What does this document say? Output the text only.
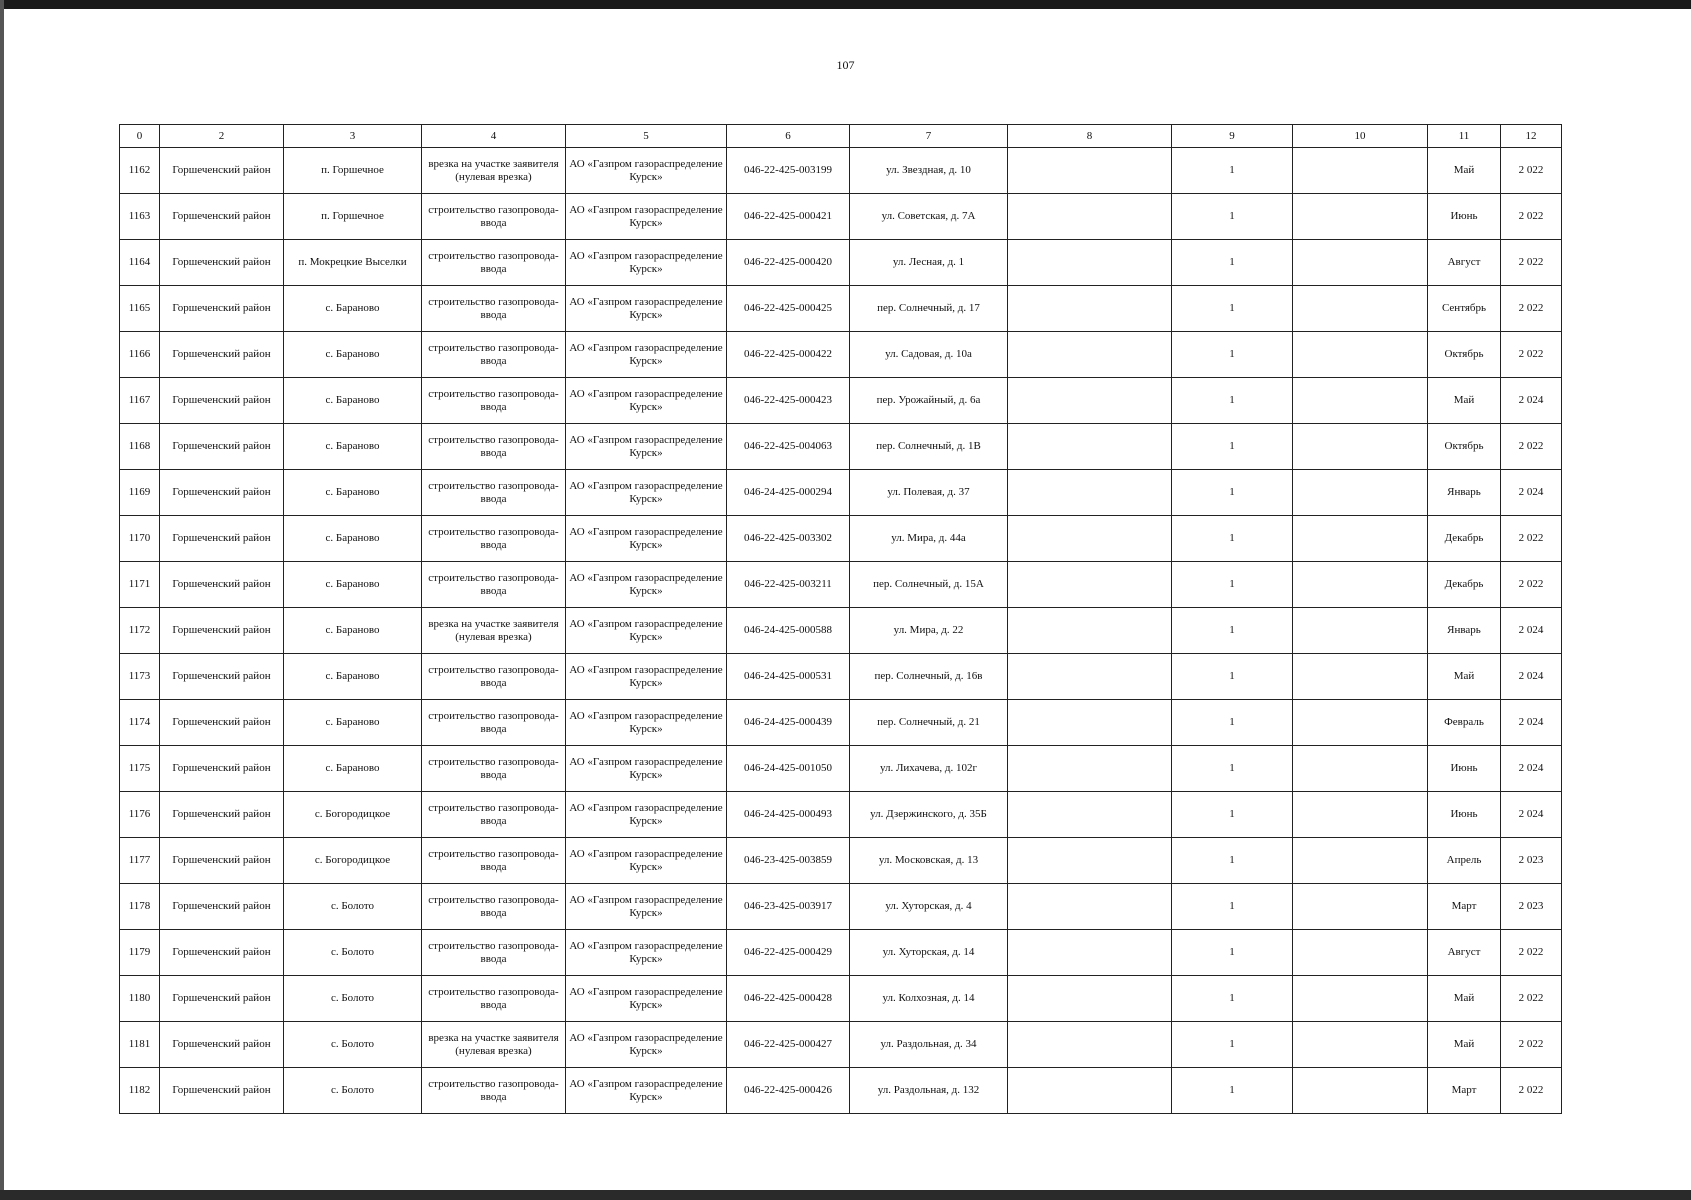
107
0	2	3	4	5	6	7	8	9	10	11	12
1162	Горшеченский район	п. Горшечное	врезка на участке заявителя (нулевая врезка)	АО «Газпром газораспределение Курск»	046-22-425-003199	ул. Звездная, д. 10		1		Май	2 022
1163	Горшеченский район	п. Горшечное	строительство газопровода-ввода	АО «Газпром газораспределение Курск»	046-22-425-000421	ул. Советская, д. 7А		1		Июнь	2 022
1164	Горшеченский район	п. Мокрецкие Выселки	строительство газопровода-ввода	АО «Газпром газораспределение Курск»	046-22-425-000420	ул. Лесная, д. 1		1		Август	2 022
1165	Горшеченский район	с. Бараново	строительство газопровода-ввода	АО «Газпром газораспределение Курск»	046-22-425-000425	пер. Солнечный, д. 17		1		Сентябрь	2 022
1166	Горшеченский район	с. Бараново	строительство газопровода-ввода	АО «Газпром газораспределение Курск»	046-22-425-000422	ул. Садовая, д. 10а		1		Октябрь	2 022
1167	Горшеченский район	с. Бараново	строительство газопровода-ввода	АО «Газпром газораспределение Курск»	046-22-425-000423	пер. Урожайный, д. 6а		1		Май	2 024
1168	Горшеченский район	с. Бараново	строительство газопровода-ввода	АО «Газпром газораспределение Курск»	046-22-425-004063	пер. Солнечный, д. 1В		1		Октябрь	2 022
1169	Горшеченский район	с. Бараново	строительство газопровода-ввода	АО «Газпром газораспределение Курск»	046-24-425-000294	ул. Полевая, д. 37		1		Январь	2 024
1170	Горшеченский район	с. Бараново	строительство газопровода-ввода	АО «Газпром газораспределение Курск»	046-22-425-003302	ул. Мира, д. 44а		1		Декабрь	2 022
1171	Горшеченский район	с. Бараново	строительство газопровода-ввода	АО «Газпром газораспределение Курск»	046-22-425-003211	пер. Солнечный, д. 15А		1		Декабрь	2 022
1172	Горшеченский район	с. Бараново	врезка на участке заявителя (нулевая врезка)	АО «Газпром газораспределение Курск»	046-24-425-000588	ул. Мира, д. 22		1		Январь	2 024
1173	Горшеченский район	с. Бараново	строительство газопровода-ввода	АО «Газпром газораспределение Курск»	046-24-425-000531	пер. Солнечный, д. 16в		1		Май	2 024
1174	Горшеченский район	с. Бараново	строительство газопровода-ввода	АО «Газпром газораспределение Курск»	046-24-425-000439	пер. Солнечный, д. 21		1		Февраль	2 024
1175	Горшеченский район	с. Бараново	строительство газопровода-ввода	АО «Газпром газораспределение Курск»	046-24-425-001050	ул. Лихачева, д. 102г		1		Июнь	2 024
1176	Горшеченский район	с. Богородицкое	строительство газопровода-ввода	АО «Газпром газораспределение Курск»	046-24-425-000493	ул. Дзержинского, д. 35Б		1		Июнь	2 024
1177	Горшеченский район	с. Богородицкое	строительство газопровода-ввода	АО «Газпром газораспределение Курск»	046-23-425-003859	ул. Московская, д. 13		1		Апрель	2 023
1178	Горшеченский район	с. Болото	строительство газопровода-ввода	АО «Газпром газораспределение Курск»	046-23-425-003917	ул. Хуторская, д. 4		1		Март	2 023
1179	Горшеченский район	с. Болото	строительство газопровода-ввода	АО «Газпром газораспределение Курск»	046-22-425-000429	ул. Хуторская, д. 14		1		Август	2 022
1180	Горшеченский район	с. Болото	строительство газопровода-ввода	АО «Газпром газораспределение Курск»	046-22-425-000428	ул. Колхозная, д. 14		1		Май	2 022
1181	Горшеченский район	с. Болото	врезка на участке заявителя (нулевая врезка)	АО «Газпром газораспределение Курск»	046-22-425-000427	ул. Раздольная, д. 34		1		Май	2 022
1182	Горшеченский район	с. Болото	строительство газопровода-ввода	АО «Газпром газораспределение Курск»	046-22-425-000426	ул. Раздольная, д. 132		1		Март	2 022
